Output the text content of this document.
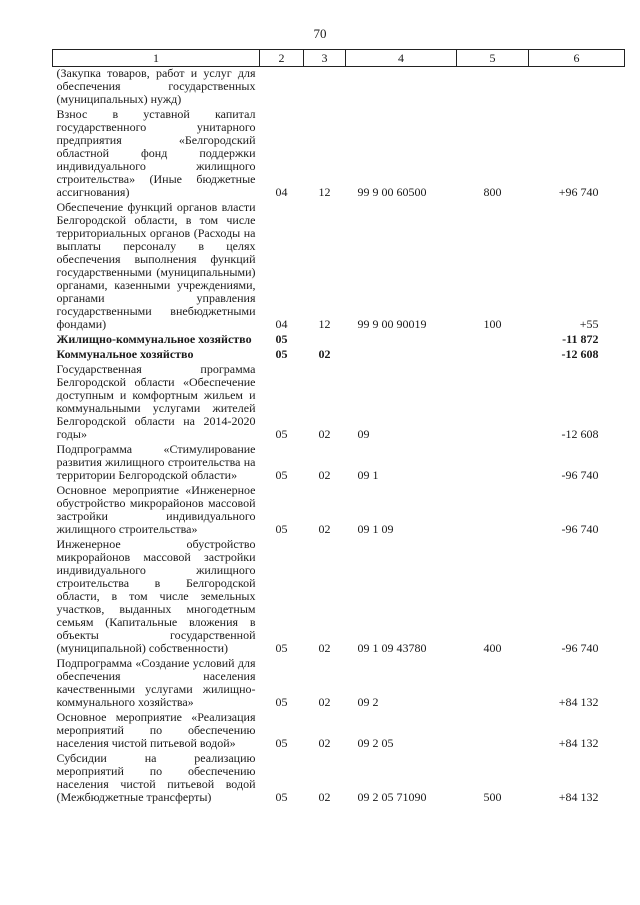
70
1	2	3	4	5	6
(Закупка товаров, работ и услуг для обеспечения государственных (муниципальных) нужд)					
Взнос в уставной капитал государственного унитарного предприятия «Белгородский областной фонд поддержки индивидуального жилищного строительства» (Иные бюджетные ассигнования)	04	12	99 9 00 60500	800	+96 740
Обеспечение функций органов власти Белгородской области, в том числе территориальных органов (Расходы на выплаты персоналу в целях обеспечения выполнения функций государственными (муниципальными) органами, казенными учреждениями, органами управления государственными внебюджетными фондами)	04	12	99 9 00 90019	100	+55
Жилищно-коммунальное хозяйство	05				-11 872
Коммунальное хозяйство	05	02			-12 608
Государственная программа Белгородской области «Обеспечение доступным и комфортным жильем и коммунальными услугами жителей Белгородской области на 2014-2020 годы»	05	02	09		-12 608
Подпрограмма «Стимулирование развития жилищного строительства на территории Белгородской области»	05	02	09 1		-96 740
Основное мероприятие «Инженерное обустройство микрорайонов массовой застройки индивидуального жилищного строительства»	05	02	09 1 09		-96 740
Инженерное обустройство микрорайонов массовой застройки индивидуального жилищного строительства в Белгородской области, в том числе земельных участков, выданных многодетным семьям (Капитальные вложения в объекты государственной (муниципальной) собственности)	05	02	09 1 09 43780	400	-96 740
Подпрограмма «Создание условий для обеспечения населения качественными услугами жилищно-коммунального хозяйства»	05	02	09 2		+84 132
Основное мероприятие «Реализация мероприятий по обеспечению населения чистой питьевой водой»	05	02	09 2 05		+84 132
Субсидии на реализацию мероприятий по обеспечению населения чистой питьевой водой (Межбюджетные трансферты)	05	02	09 2 05 71090	500	+84 132
